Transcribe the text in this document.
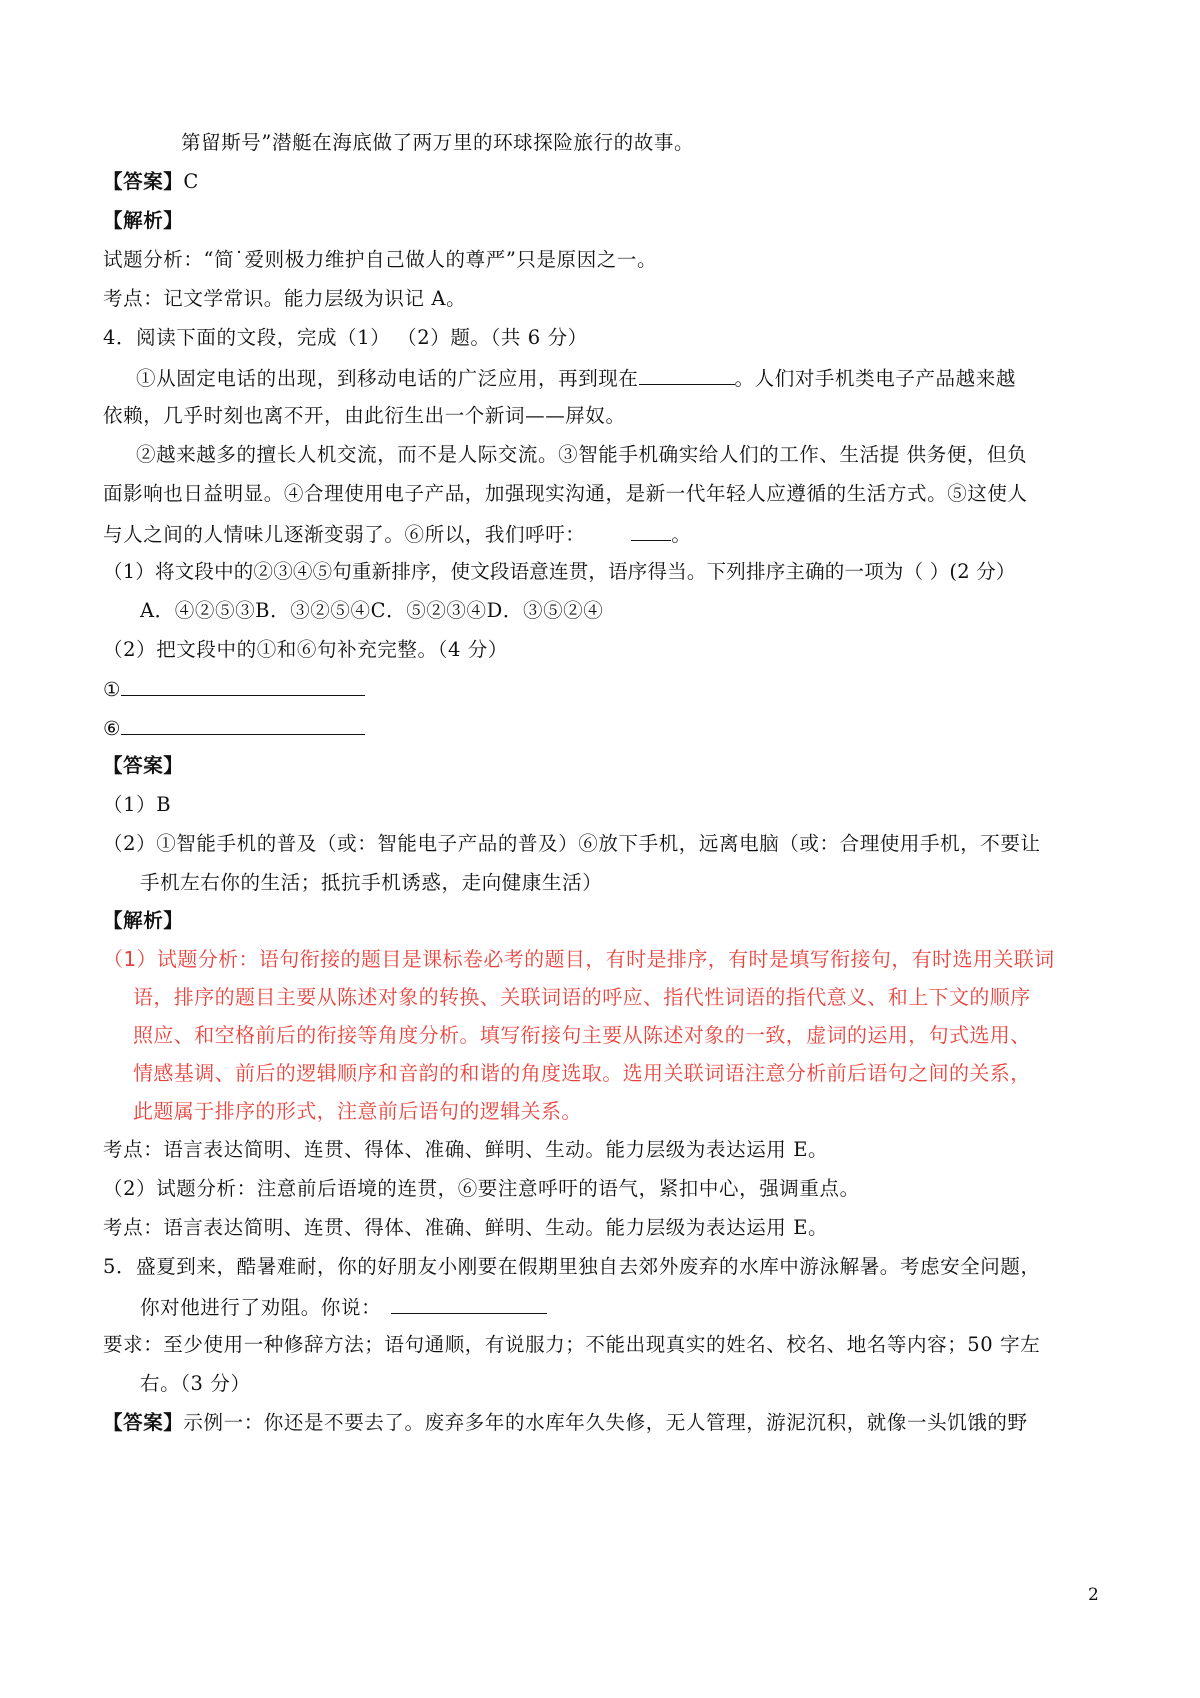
第留斯号”潜艇在海底做了两万里的环球探险旅行的故事。
【答案】C
【解析】
试题分析：“简˙爱则极力维护自己做人的尊严”只是原因之一。
考点：记文学常识。能力层级为识记 A。
4．阅读下面的文段，完成（1） （2）题。（共 6 分）
①从固定电话的出现，到移动电话的广泛应用，再到现在	。人们对手机类电子产品越来越
依赖，几乎时刻也离不开，由此衍生出一个新词——屏奴。
②越来越多的擅长人机交流，而不是人际交流。③智能手机确实给人们的工作、生活提 供务便，但负
面影响也日益明显。④合理使用电子产品，加强现实沟通，是新一代年轻人应遵循的生活方式。⑤这使人
与人之间的人情味儿逐渐变弱了。⑥所以，我们呼吁：	。
（1）将文段中的②③④⑤句重新排序，使文段语意连贯，语序得当。下列排序主确的一项为（ ）(2 分）
A．④②⑤③B．③②⑤④C．⑤②③④D．③⑤②④
（2）把文段中的①和⑥句补充完整。（4 分）
①
⑥
【答案】
（1）B
（2）①智能手机的普及（或：智能电子产品的普及）⑥放下手机，远离电脑（或：合理使用手机，不要让
手机左右你的生活；抵抗手机诱惑，走向健康生活）
【解析】
（1）试题分析：语句衔接的题目是课标卷必考的题目，有时是排序，有时是填写衔接句，有时选用关联词
语，排序的题目主要从陈述对象的转换、关联词语的呼应、指代性词语的指代意义、和上下文的顺序
照应、和空格前后的衔接等角度分析。填写衔接句主要从陈述对象的一致，虚词的运用，句式选用、
情感基调、前后的逻辑顺序和音韵的和谐的角度选取。选用关联词语注意分析前后语句之间的关系，
此题属于排序的形式，注意前后语句的逻辑关系。
考点：语言表达简明、连贯、得体、准确、鲜明、生动。能力层级为表达运用 E。
（2）试题分析：注意前后语境的连贯，⑥要注意呼吁的语气，紧扣中心，强调重点。
考点：语言表达简明、连贯、得体、准确、鲜明、生动。能力层级为表达运用 E。
5．盛夏到来，酷暑难耐，你的好朋友小刚要在假期里独自去郊外废弃的水库中游泳解暑。考虑安全问题，
你对他进行了劝阻。你说：
要求：至少使用一种修辞方法；语句通顺，有说服力；不能出现真实的姓名、校名、地名等内容；50 字左
右。（3 分）
【答案】示例一：你还是不要去了。废弃多年的水库年久失修，无人管理，游泥沉积，就像一头饥饿的野
2
